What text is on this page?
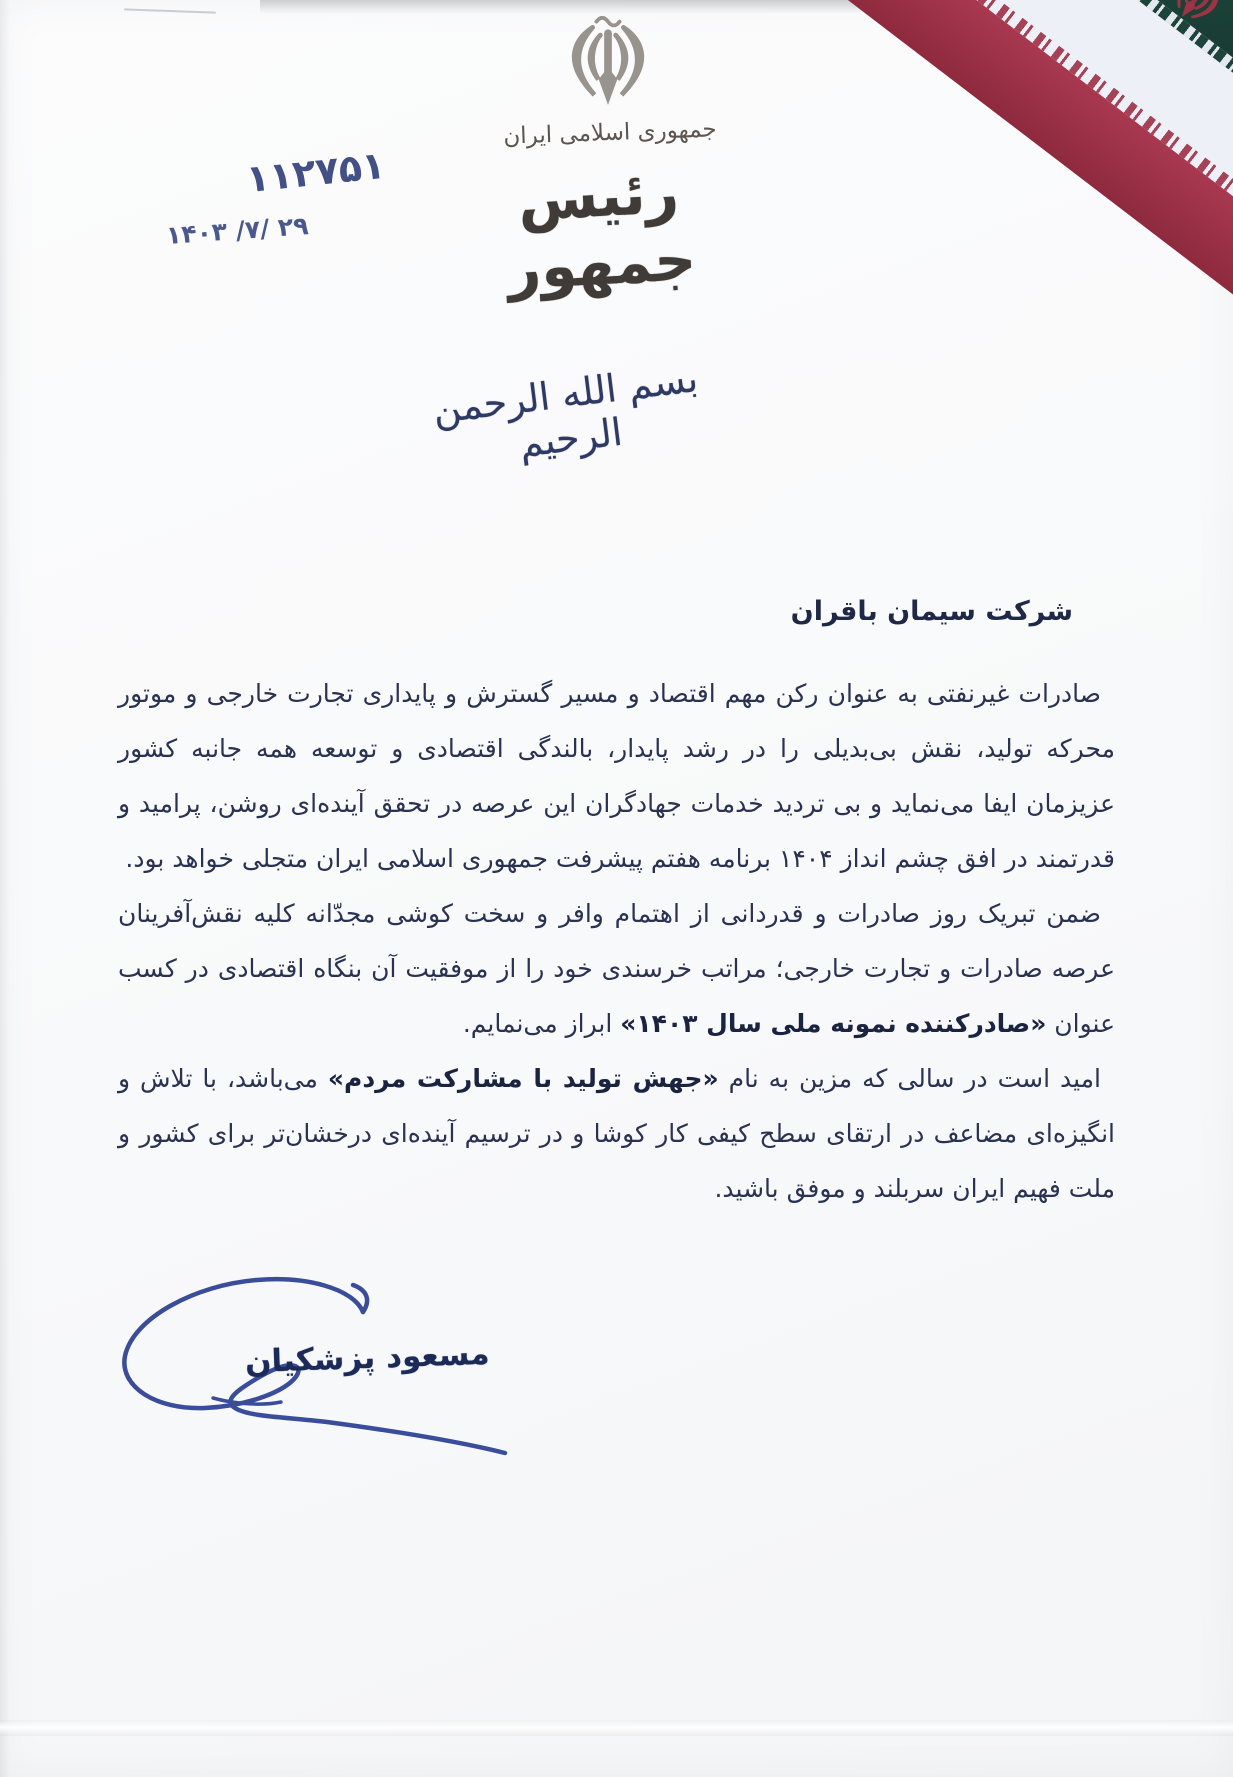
۱۱۲۷۵۱
۲۹ /۷/ ۱۴۰۳
جمهوری اسلامی ایران
رئیس جمهور
بسم الله الرحمن الرحیم
شرکت سیمان باقران

صادرات غیرنفتی به عنوان رکن مهم اقتصاد و مسیر گسترش و پایداری تجارت خارجی و موتور محرکه تولید، نقش بی‌بدیلی را در رشد پایدار، بالندگی اقتصادی و توسعه همه جانبه کشور عزیزمان ایفا می‌نماید و بی تردید خدمات جهادگران این عرصه در تحقق آینده‌ای روشن، پرامید و قدرتمند در افق چشم انداز ۱۴۰۴ برنامه هفتم پیشرفت جمهوری اسلامی ایران متجلی خواهد بود.

ضمن تبریک روز صادرات و قدردانی از اهتمام وافر و سخت کوشی مجدّانه کلیه نقش‌آفرینان عرصه صادرات و تجارت خارجی؛ مراتب خرسندی خود را از موفقیت آن بنگاه اقتصادی در کسب عنوان «صادرکننده نمونه ملی سال ۱۴۰۳» ابراز می‌نمایم.

امید است در سالی که مزین به نام «جهش تولید با مشارکت مردم» می‌باشد، با تلاش و انگیزه‌ای مضاعف در ارتقای سطح کیفی کار کوشا و در ترسیم آینده‌ای درخشان‌تر برای کشور و ملت فهیم ایران سربلند و موفق باشید.

مسعود پزشکیان
